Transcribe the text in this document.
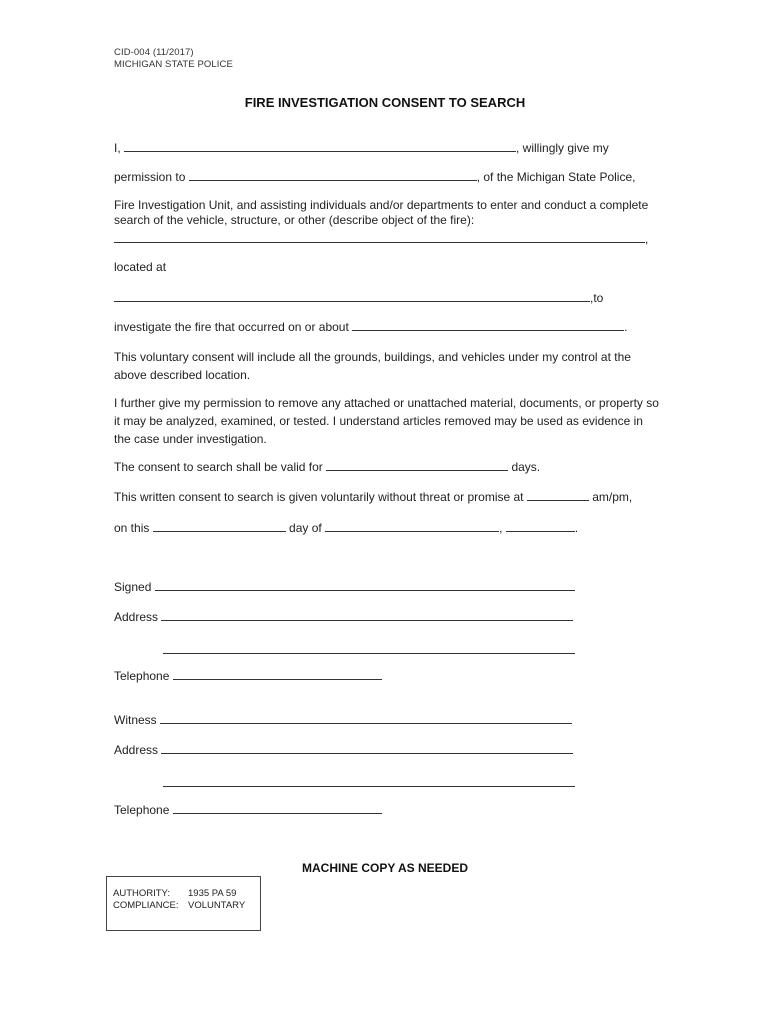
CID-004 (11/2017)
MICHIGAN STATE POLICE
FIRE INVESTIGATION CONSENT TO SEARCH
I,	, willingly give my
permission to	, of the Michigan State Police,
Fire Investigation Unit, and assisting individuals and/or departments to enter and conduct a complete search of the vehicle, structure, or other (describe object of the fire):
,
located at
,to
investigate the fire that occurred on or about	.
This voluntary consent will include all the grounds, buildings, and vehicles under my control at the above described location.
I further give my permission to remove any attached or unattached material, documents, or property so it may be analyzed, examined, or tested. I understand articles removed may be used as evidence in the case under investigation.
The consent to search shall be valid for	days.
This written consent to search is given voluntarily without threat or promise at	am/pm,
on this	day of	,	.
Signed
Address
Telephone
Witness
Address
Telephone
MACHINE COPY AS NEEDED
AUTHORITY: 1935 PA 59
COMPLIANCE: VOLUNTARY
